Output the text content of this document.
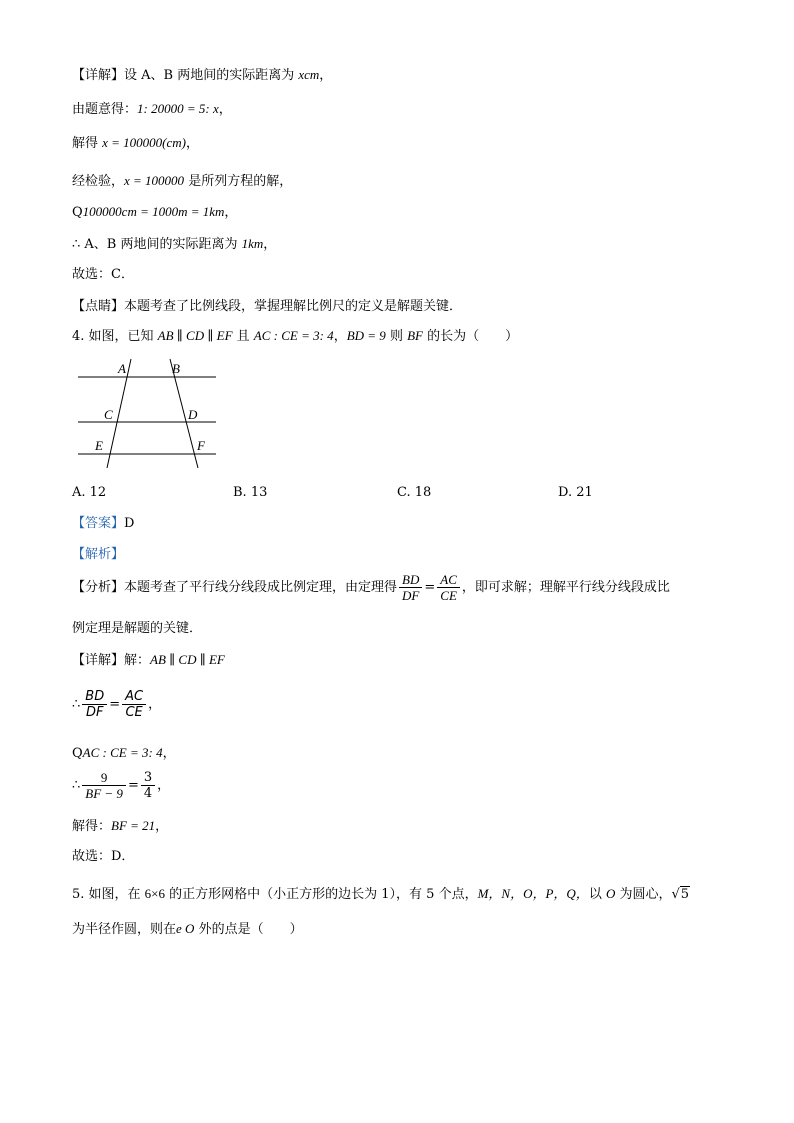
【详解】设 A、B 两地间的实际距离为 xcm，
由题意得：1: 20000 = 5: x，
解得 x = 100000(cm)，
经检验，x = 100000 是所列方程的解，
Q100000cm = 1000m = 1km，
∴ A、B 两地间的实际距离为 1km，
故选：C．
【点睛】本题考查了比例线段，掌握理解比例尺的定义是解题关键．
4. 如图，已知 AB ∥ CD ∥ EF 且 AC : CE = 3: 4，BD = 9 则 BF 的长为（　　）
A	B
C	D
E	F
A. 12	B. 13	C. 18	D. 21
【答案】D
【解析】
【分析】本题考查了平行线分线段成比例定理，由定理得 $\frac{BD}{DF} = \frac{AC}{CE}$ ，即可求解；理解平行线分线段成比
例定理是解题的关键．
【详解】解：AB ∥ CD ∥ EF
∴ $\frac{BD}{DF} = \frac{AC}{CE}$ ，
QAC : CE = 3: 4，
∴ $\frac{9}{BF - 9} = \frac{3}{4}$ ，
解得：BF = 21，
故选：D．
5. 如图，在 6×6 的正方形网格中（小正方形的边长为 1），有 5 个点，M，N，O，P，Q，以 O 为圆心，√5
为半径作圆，则在e O 外的点是（　　）
